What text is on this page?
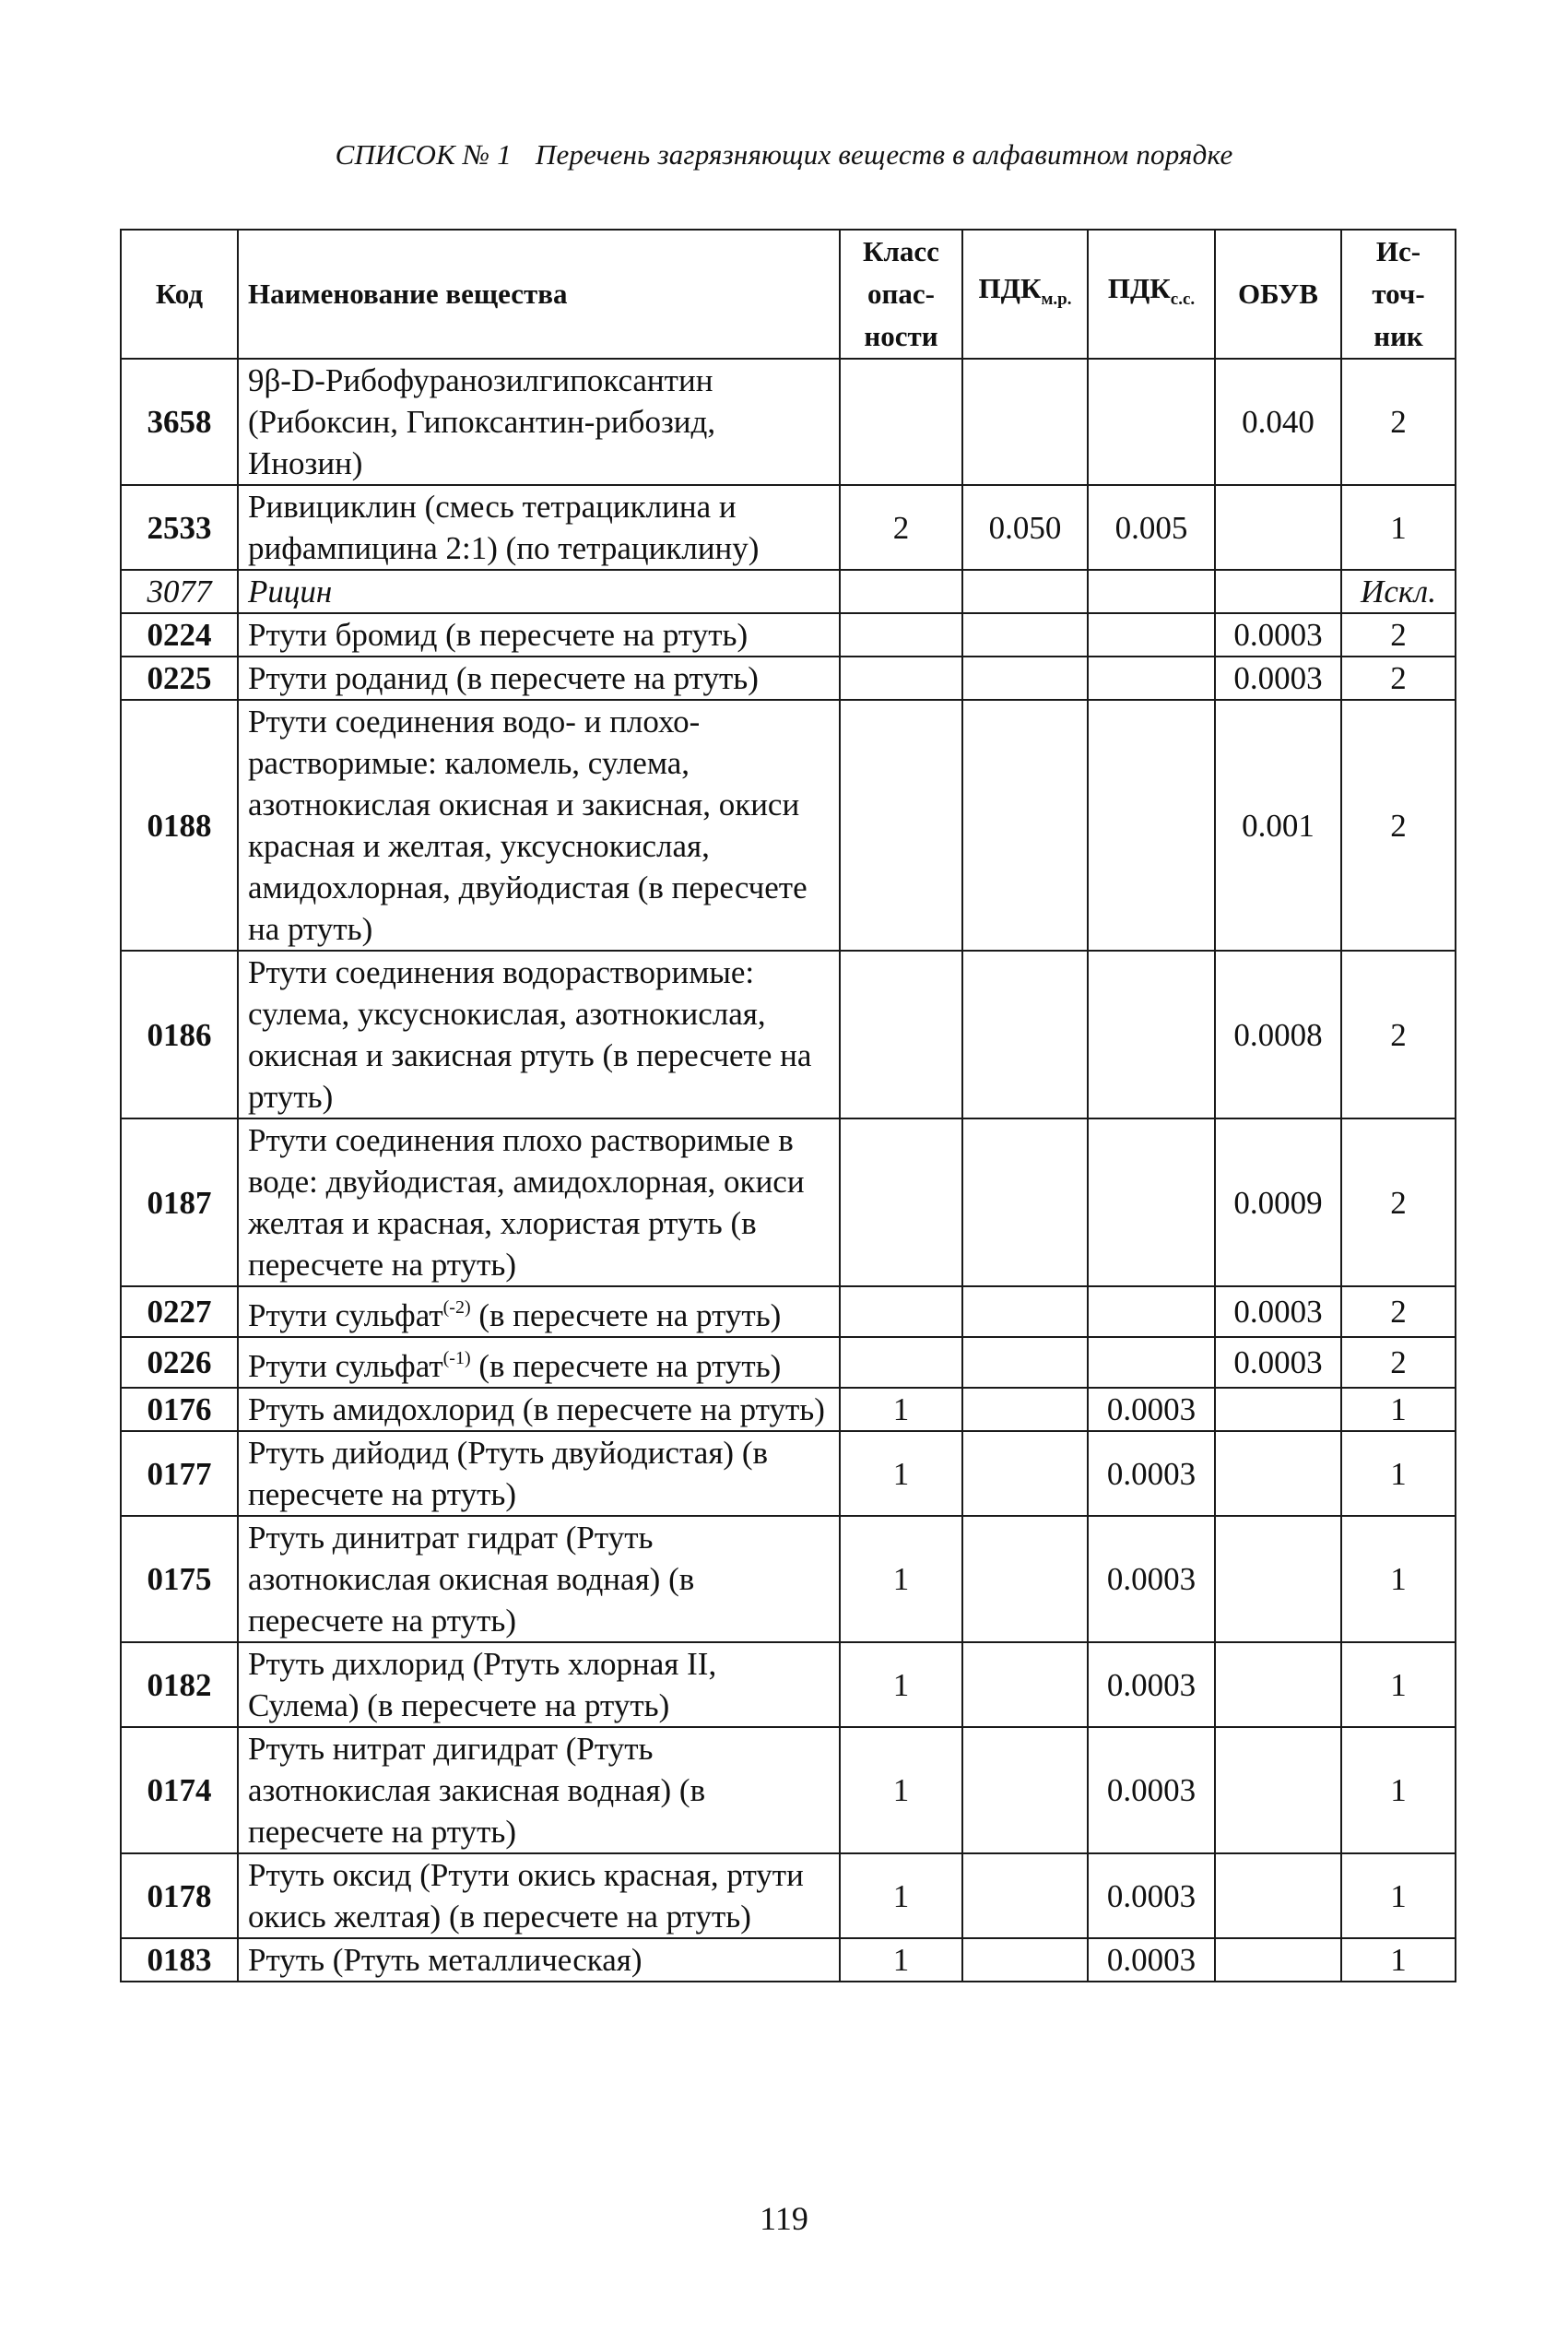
СПИСОК № 1 Перечень загрязняющих веществ в алфавитном порядке
Код	Наименование вещества	Класс опас- ности	$ПДК_{м.р.}$	$ПДК_{с.с.}$	ОБУВ	Ис- точ- ник
3658	9β-D-Рибофуранозилгипоксантин (Рибоксин, Гипоксантин-рибозид, Инозин)				0.040	2
2533	Ривициклин (смесь тетрациклина и рифампицина 2:1) (по тетрациклину)	2	0.050	0.005		1
3077	Рицин					Искл.
0224	Ртути бромид (в пересчете на ртуть)				0.0003	2
0225	Ртути роданид (в пересчете на ртуть)				0.0003	2
0188	Ртути соединения водо- и плохо- растворимые: каломель, сулема, азотнокислая окисная и закисная, окиси красная и желтая, уксуснокислая, амидохлорная, двуйодистая (в пересчете на ртуть)				0.001	2
0186	Ртути соединения водорастворимые: сулема, уксуснокислая, азотнокислая, окисная и закисная ртуть (в пересчете на ртуть)				0.0008	2
0187	Ртути соединения плохо растворимые в воде: двуйодистая, амидохлорная, окиси желтая и красная, хлористая ртуть (в пересчете на ртуть)				0.0009	2
0227	Ртути сульфат$^{(-2)}$ (в пересчете на ртуть)				0.0003	2
0226	Ртути сульфат$^{(-1)}$ (в пересчете на ртуть)				0.0003	2
0176	Ртуть амидохлорид (в пересчете на ртуть)	1		0.0003		1
0177	Ртуть дийодид (Ртуть двуйодистая) (в пересчете на ртуть)	1		0.0003		1
0175	Ртуть динитрат гидрат (Ртуть азотнокислая окисная водная) (в пересчете на ртуть)	1		0.0003		1
0182	Ртуть дихлорид (Ртуть хлорная II, Сулема) (в пересчете на ртуть)	1		0.0003		1
0174	Ртуть нитрат дигидрат (Ртуть азотнокислая закисная водная) (в пересчете на ртуть)	1		0.0003		1
0178	Ртуть оксид (Ртути окись красная, ртути окись желтая) (в пересчете на ртуть)	1		0.0003		1
0183	Ртуть (Ртуть металлическая)	1		0.0003		1
119
